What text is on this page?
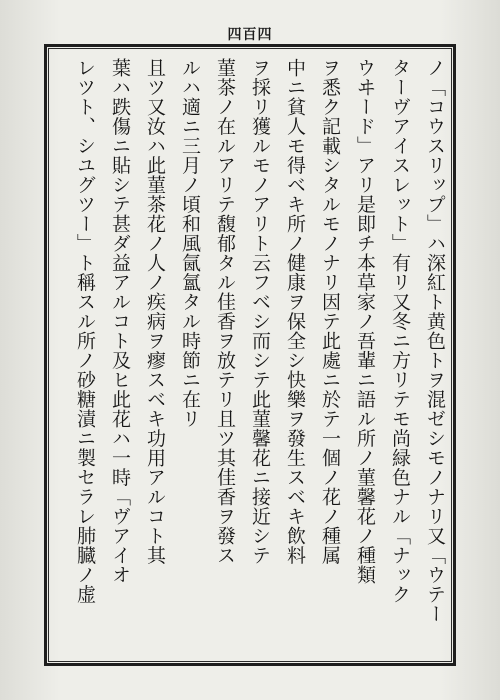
四百四
ノ「コウスリップ」ハ深紅ト黄色トヲ混ゼシモノナリ又「ウテー
ターヴアイスレット」有リ又冬ニ方リテモ尚緑色ナル「ナック
ウヰード」アリ是即チ本草家ノ吾輩ニ語ル所ノ菫馨花ノ種類
ヲ悉ク記載シタルモノナリ因テ此處ニ於テ一個ノ花ノ種属
中ニ貧人モ得ベキ所ノ健康ヲ保全シ快樂ヲ發生スベキ飲料
ヲ採リ獲ルモノアリト云フベシ而シテ此菫馨花ニ接近シテ
菫茶ノ在ルアリテ馥郁タル佳香ヲ放テリ且ツ其佳香ヲ發ス
ルハ適ニ三月ノ頃和風氤氳タル時節ニ在リ
且ツ又汝ハ此菫茶花ノ人ノ疾病ヲ瘳スベキ功用アルコト其
葉ハ跌傷ニ貼シテ甚ダ益アルコト及ヒ此花ハ一時「ヴアイオ
レツト、シユグツー」ト稱スル所ノ砂糖漬ニ製セラレ肺臓ノ虚
